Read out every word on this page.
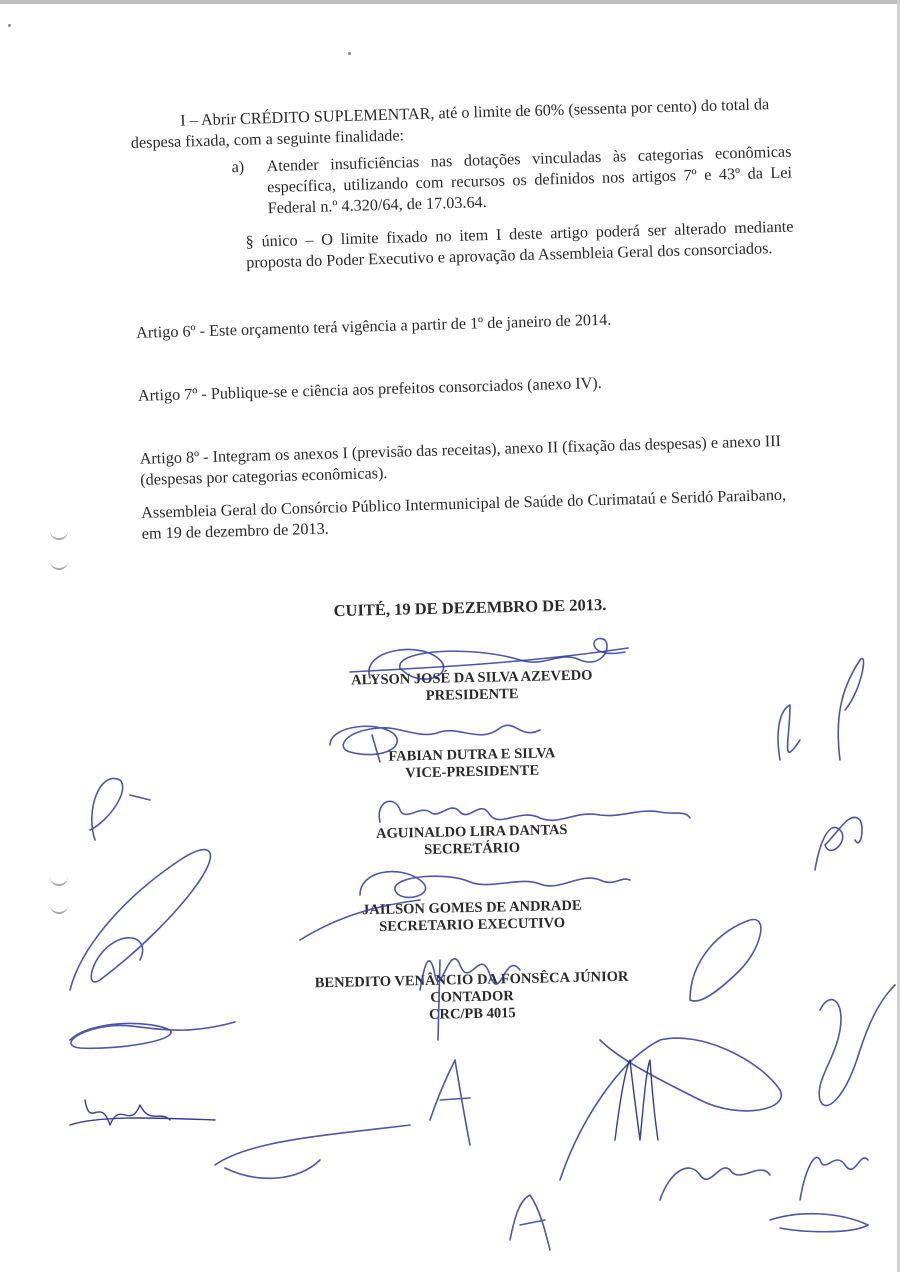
I – Abrir CRÉDITO SUPLEMENTAR, até o limite de 60% (sessenta por cento) do total da despesa fixada, com a seguinte finalidade:

a) Atender insuficiências nas dotações vinculadas às categorias econômicas específica, utilizando com recursos os definidos nos artigos 7º e 43º da Lei Federal n.º 4.320/64, de 17.03.64.

§ único – O limite fixado no item I deste artigo poderá ser alterado mediante proposta do Poder Executivo e aprovação da Assembleia Geral dos consorciados.

Artigo 6º - Este orçamento terá vigência a partir de 1º de janeiro de 2014.

Artigo 7º - Publique-se e ciência aos prefeitos consorciados (anexo IV).

Artigo 8º - Integram os anexos I (previsão das receitas), anexo II (fixação das despesas) e anexo III (despesas por categorias econômicas).

Assembleia Geral do Consórcio Público Intermunicipal de Saúde do Curimataú e Seridó Paraibano, em 19 de dezembro de 2013.

CUITÉ, 19 DE DEZEMBRO DE 2013.
ALYSON JOSÉ DA SILVA AZEVEDO
PRESIDENTE
FABIAN DUTRA E SILVA
VICE-PRESIDENTE
AGUINALDO LIRA DANTAS
SECRETÁRIO
JAILSON GOMES DE ANDRADE
SECRETARIO EXECUTIVO
BENEDITO VENÂNCIO DA FONSÊCA JÚNIOR
CONTADOR
CRC/PB 4015
